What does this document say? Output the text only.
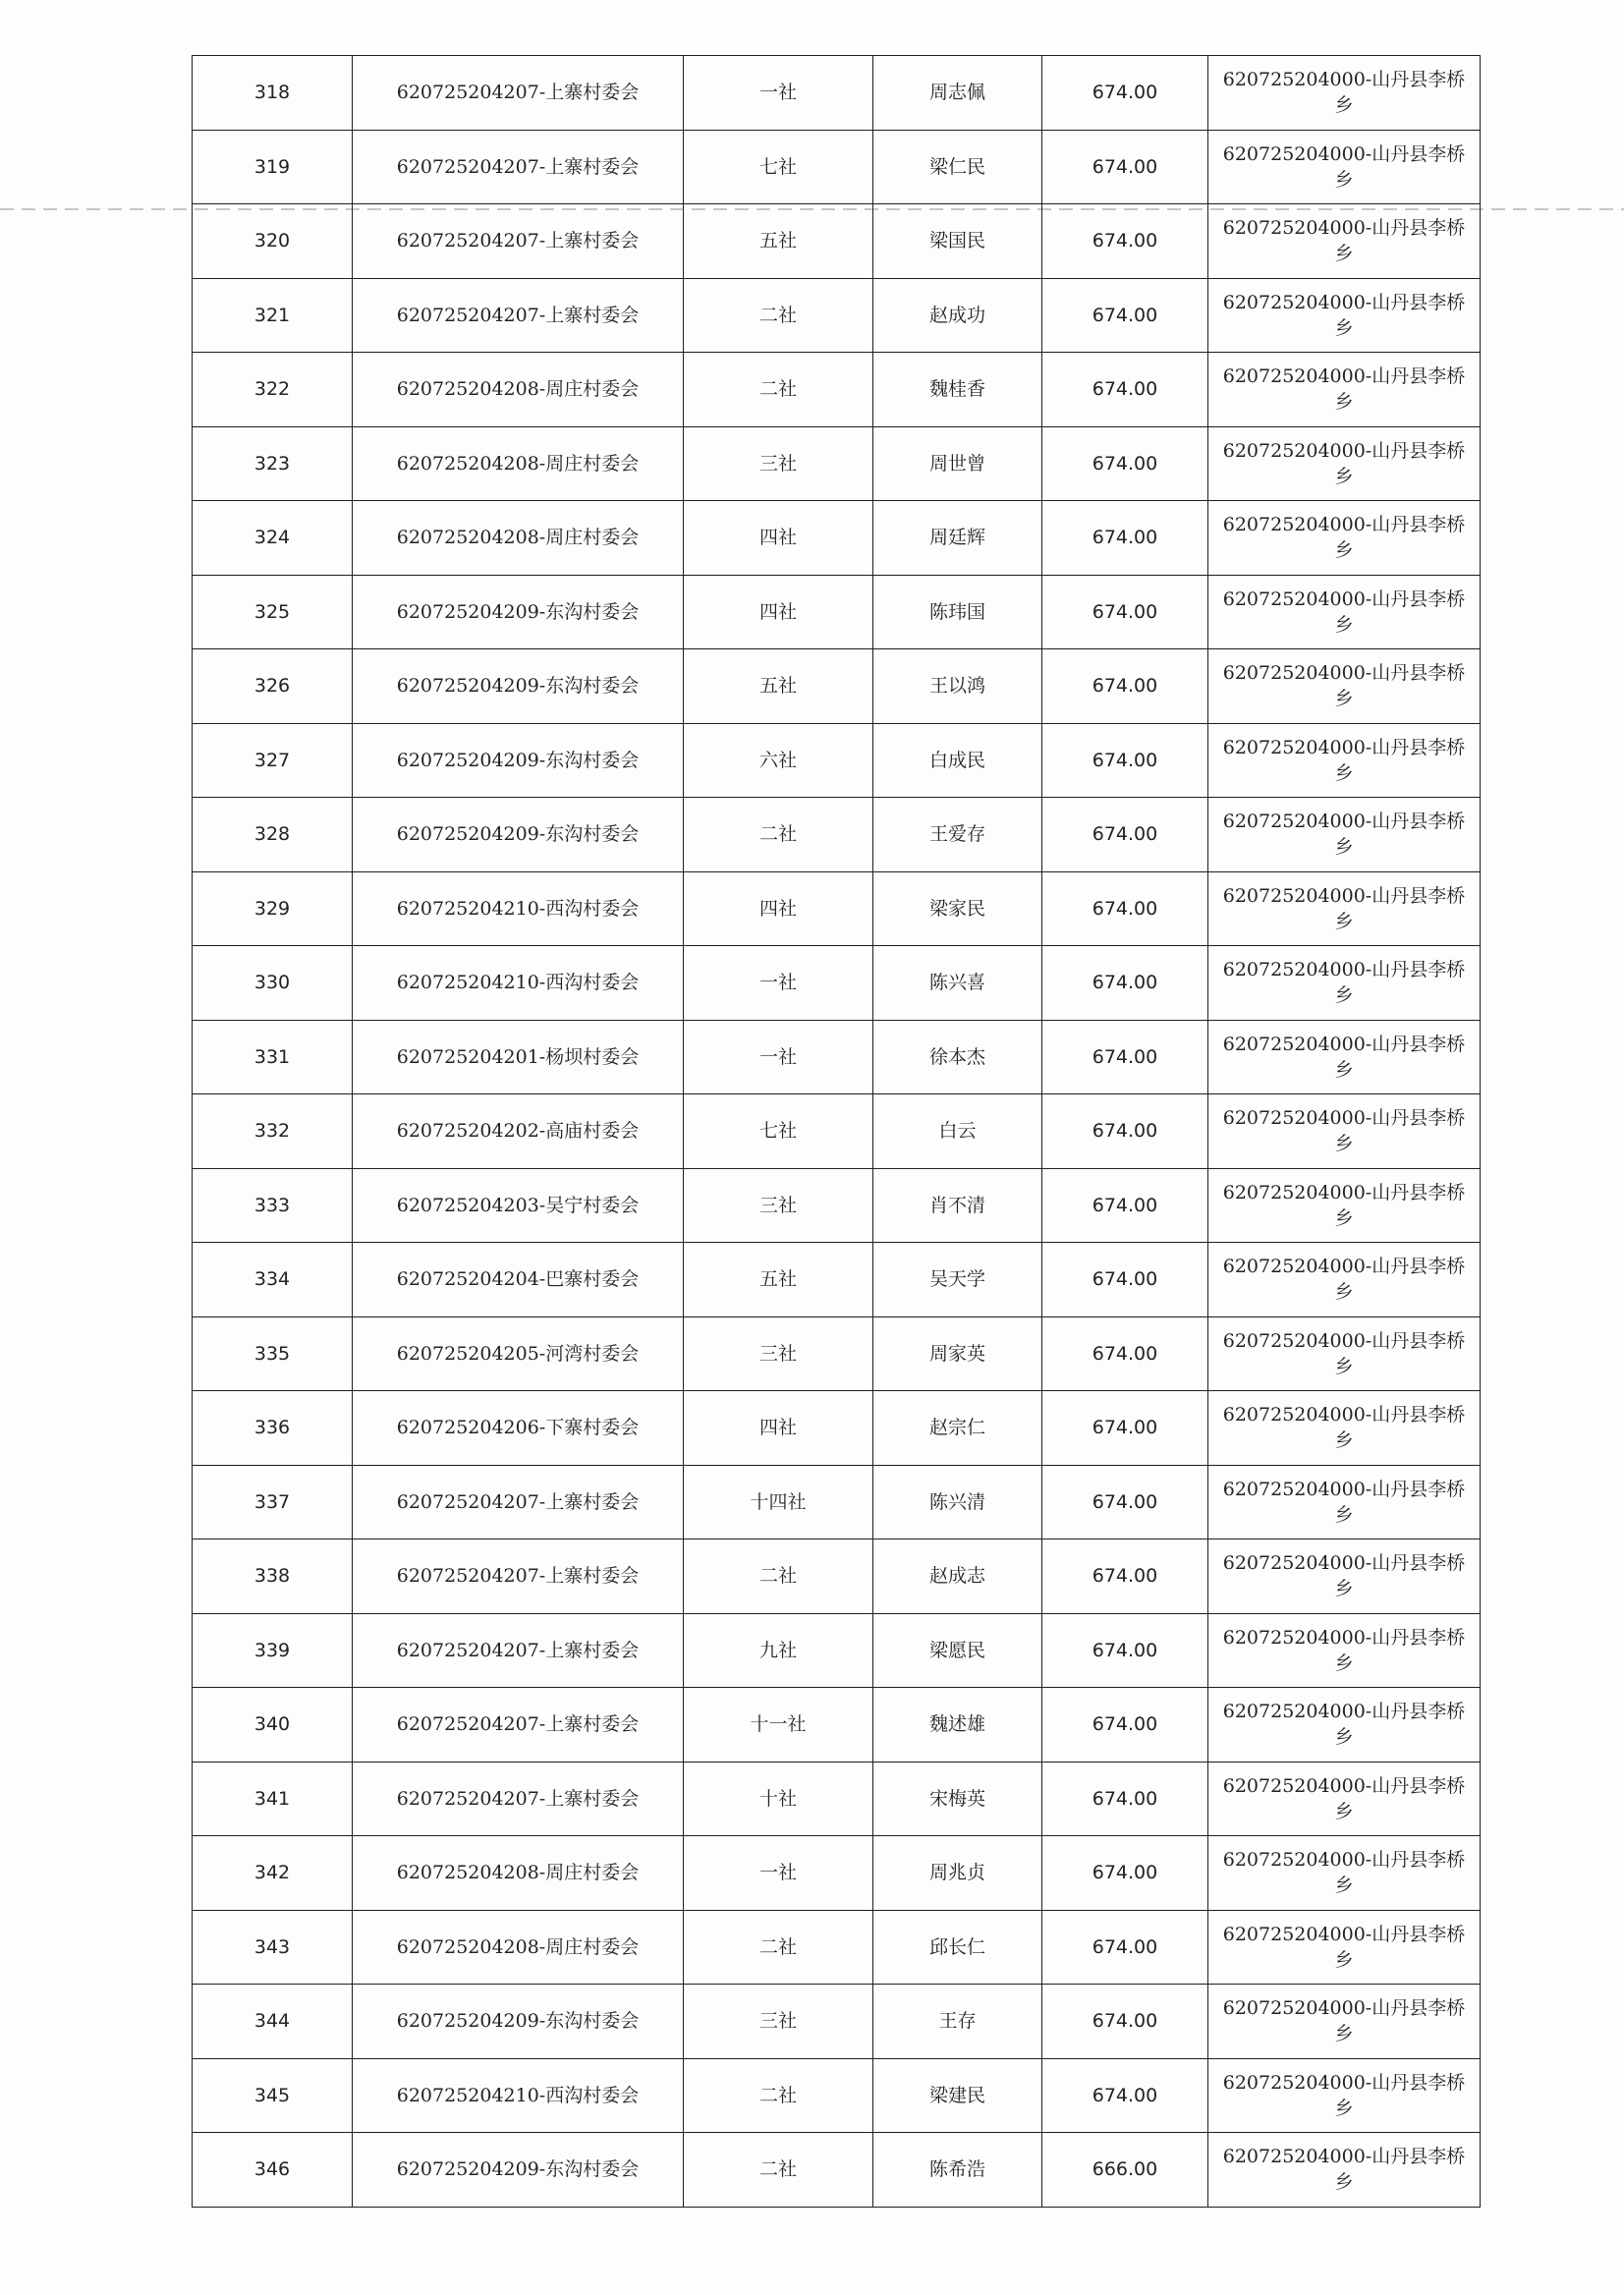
318	620725204207-上寨村委会	一社	周志佩	674.00	620725204000-山丹县李桥乡

319	620725204207-上寨村委会	七社	梁仁民	674.00	620725204000-山丹县李桥乡

320	620725204207-上寨村委会	五社	梁国民	674.00	620725204000-山丹县李桥乡

321	620725204207-上寨村委会	二社	赵成功	674.00	620725204000-山丹县李桥乡

322	620725204208-周庄村委会	二社	魏桂香	674.00	620725204000-山丹县李桥乡

323	620725204208-周庄村委会	三社	周世曾	674.00	620725204000-山丹县李桥乡

324	620725204208-周庄村委会	四社	周廷辉	674.00	620725204000-山丹县李桥乡

325	620725204209-东沟村委会	四社	陈玮国	674.00	620725204000-山丹县李桥乡

326	620725204209-东沟村委会	五社	王以鸿	674.00	620725204000-山丹县李桥乡

327	620725204209-东沟村委会	六社	白成民	674.00	620725204000-山丹县李桥乡

328	620725204209-东沟村委会	二社	王爱存	674.00	620725204000-山丹县李桥乡

329	620725204210-西沟村委会	四社	梁家民	674.00	620725204000-山丹县李桥乡

330	620725204210-西沟村委会	一社	陈兴喜	674.00	620725204000-山丹县李桥乡

331	620725204201-杨坝村委会	一社	徐本杰	674.00	620725204000-山丹县李桥乡

332	620725204202-高庙村委会	七社	白云	674.00	620725204000-山丹县李桥乡

333	620725204203-吴宁村委会	三社	肖不清	674.00	620725204000-山丹县李桥乡

334	620725204204-巴寨村委会	五社	吴天学	674.00	620725204000-山丹县李桥乡

335	620725204205-河湾村委会	三社	周家英	674.00	620725204000-山丹县李桥乡

336	620725204206-下寨村委会	四社	赵宗仁	674.00	620725204000-山丹县李桥乡

337	620725204207-上寨村委会	十四社	陈兴清	674.00	620725204000-山丹县李桥乡

338	620725204207-上寨村委会	二社	赵成志	674.00	620725204000-山丹县李桥乡

339	620725204207-上寨村委会	九社	梁愿民	674.00	620725204000-山丹县李桥乡

340	620725204207-上寨村委会	十一社	魏述雄	674.00	620725204000-山丹县李桥乡

341	620725204207-上寨村委会	十社	宋梅英	674.00	620725204000-山丹县李桥乡

342	620725204208-周庄村委会	一社	周兆贞	674.00	620725204000-山丹县李桥乡

343	620725204208-周庄村委会	二社	邱长仁	674.00	620725204000-山丹县李桥乡

344	620725204209-东沟村委会	三社	王存	674.00	620725204000-山丹县李桥乡

345	620725204210-西沟村委会	二社	梁建民	674.00	620725204000-山丹县李桥乡

346	620725204209-东沟村委会	二社	陈希浩	666.00	620725204000-山丹县李桥乡
